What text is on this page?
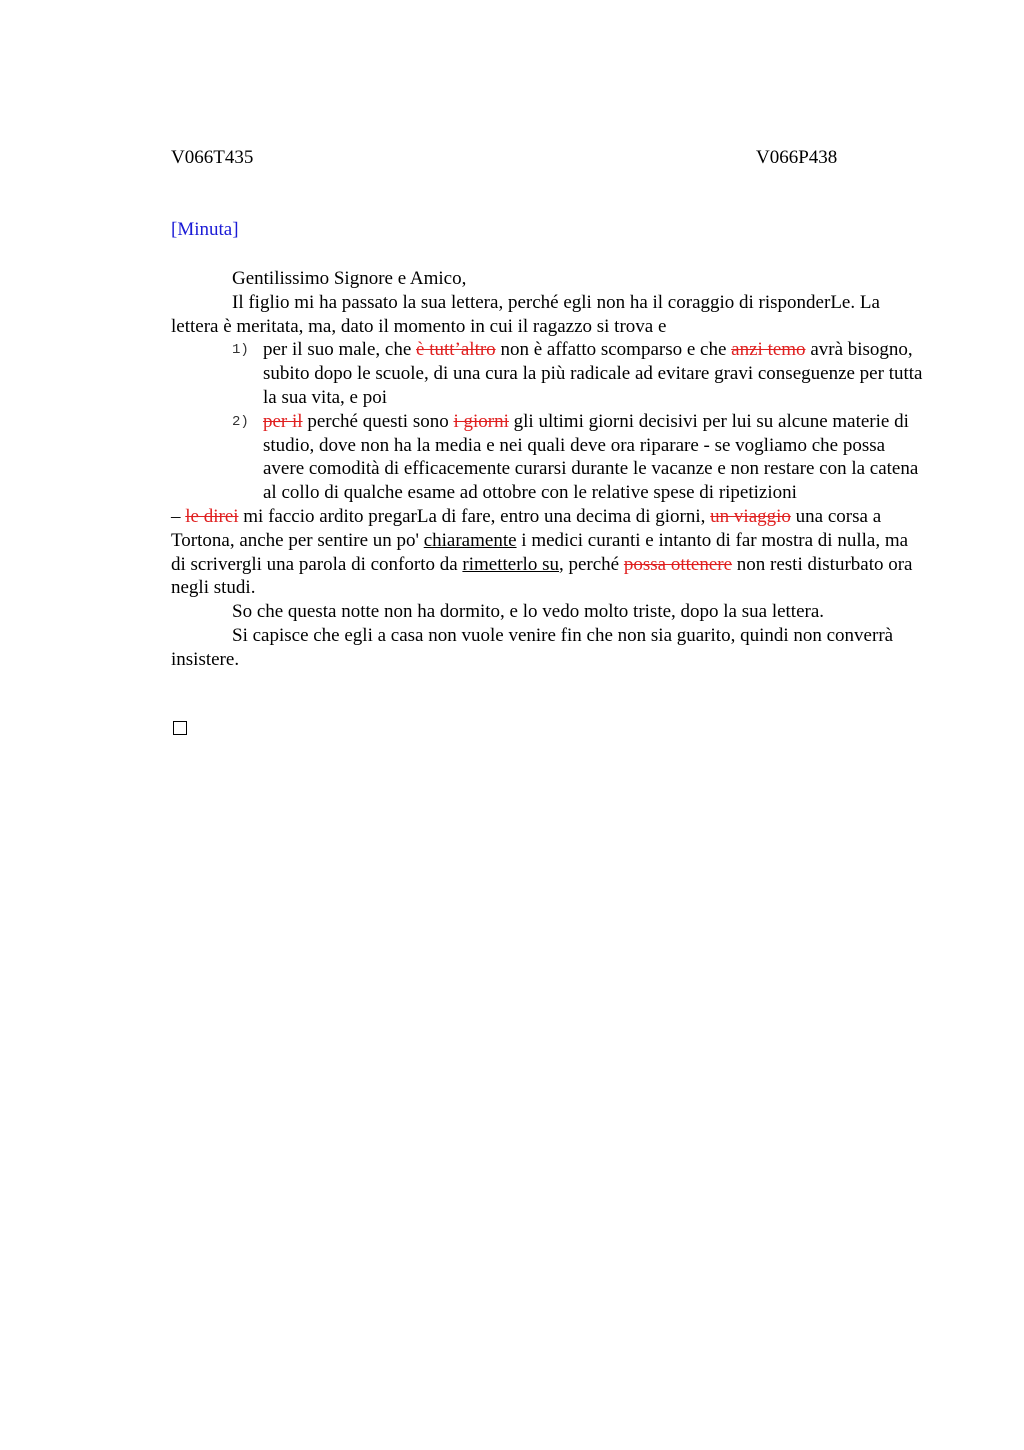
V066T435	V066P438
[Minuta]

Gentilissimo Signore e Amico,

Il figlio mi ha passato la sua lettera, perché egli non ha il coraggio di risponderLe. La lettera è meritata, ma, dato il momento in cui il ragazzo si trova e

1) per il suo male, che è tutt’altro non è affatto scomparso e che anzi temo avrà bisogno, subito dopo le scuole, di una cura la più radicale ad evitare gravi conseguenze per tutta la sua vita, e poi

2) per il perché questi sono i giorni gli ultimi giorni decisivi per lui su alcune materie di studio, dove non ha la media e nei quali deve ora riparare - se vogliamo che possa avere comodità di efficacemente curarsi durante le vacanze e non restare con la catena al collo di qualche esame ad ottobre con le relative spese di ripetizioni

– le direi mi faccio ardito pregarLa di fare, entro una decima di giorni, un viaggio una corsa a Tortona, anche per sentire un po' chiaramente i medici curanti e intanto di far mostra di nulla, ma di scrivergli una parola di conforto da rimetterlo su, perché possa ottenere non resti disturbato ora negli studi.

So che questa notte non ha dormito, e lo vedo molto triste, dopo la sua lettera.

Si capisce che egli a casa non vuole venire fin che non sia guarito, quindi non converrà insistere.
